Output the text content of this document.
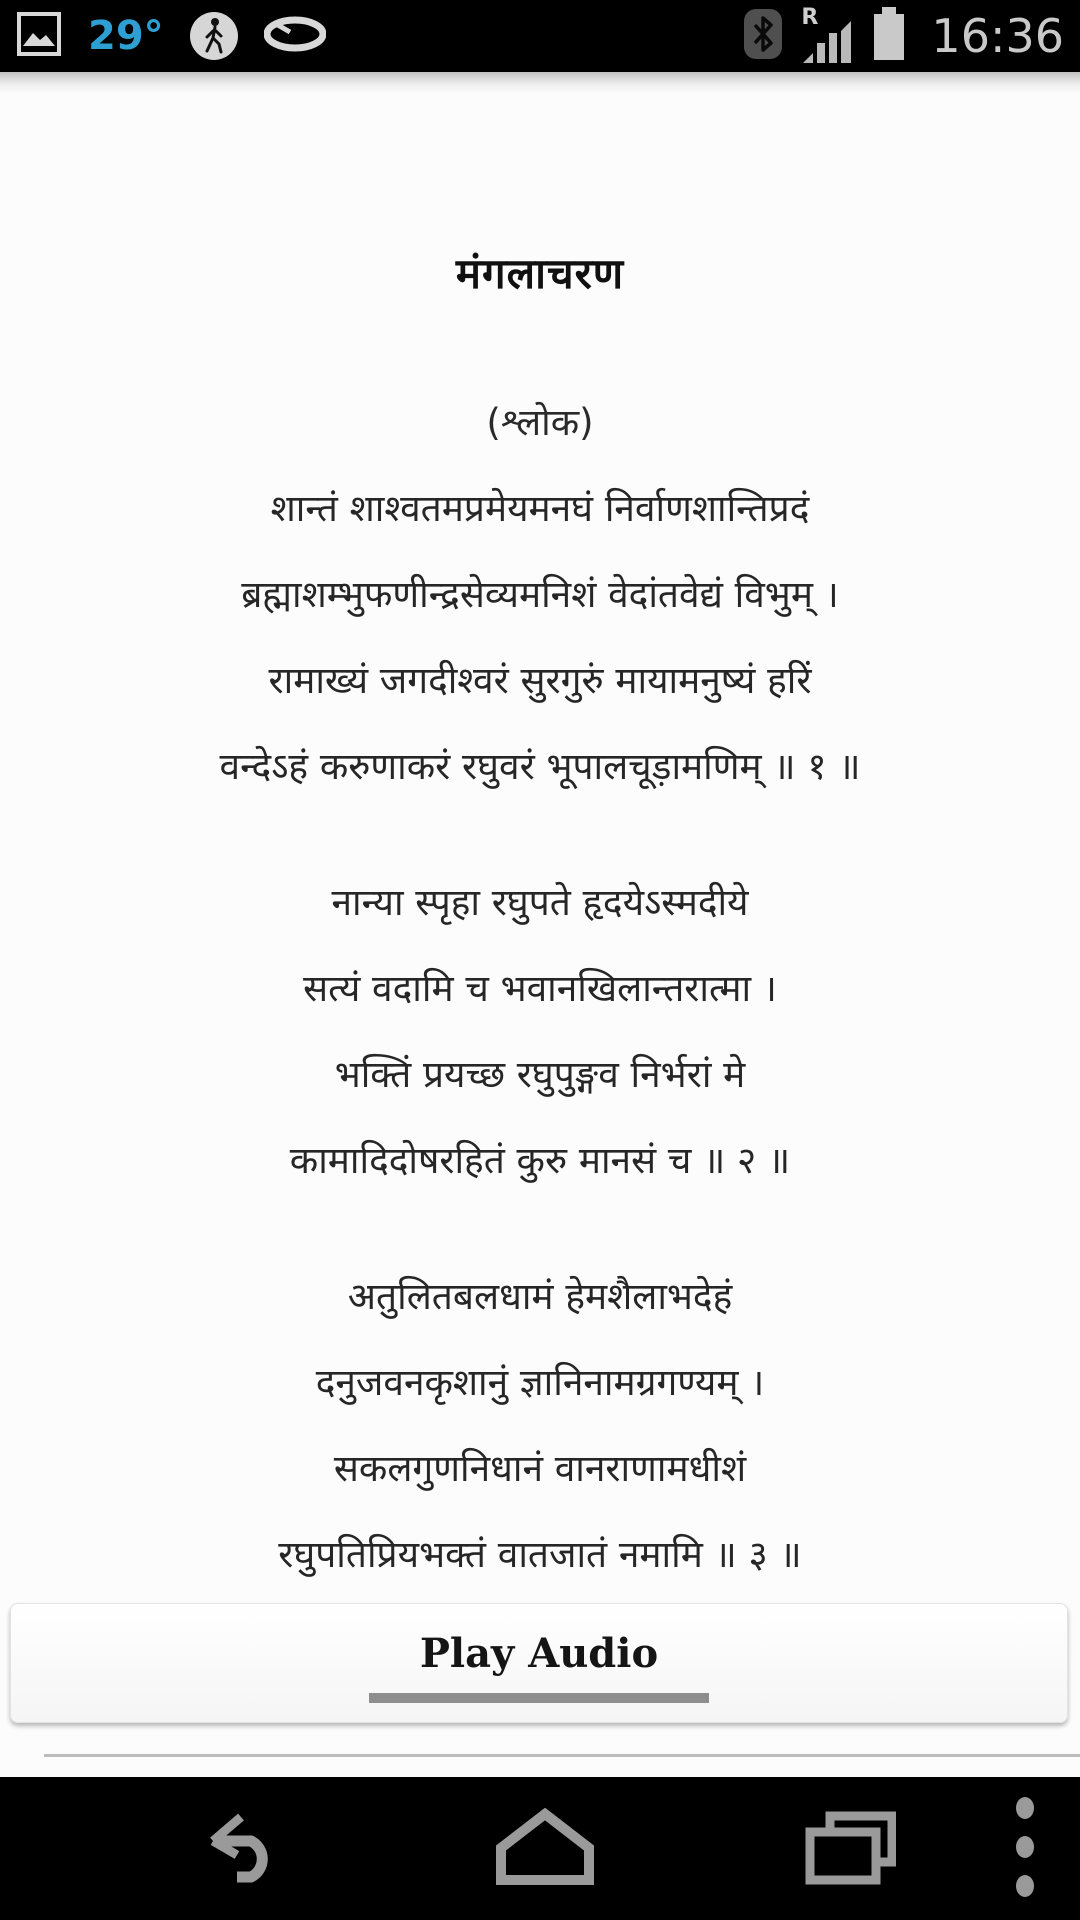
29°	R 16:36
मंगलाचरण
(श्लोक)
शान्तं शाश्वतमप्रमेयमनघं निर्वाणशान्तिप्रदं
ब्रह्माशम्भुफणीन्द्रसेव्यमनिशं वेदांतवेद्यं विभुम् ।
रामाख्यं जगदीश्वरं सुरगुरुं मायामनुष्यं हरिं
वन्देऽहं करुणाकरं रघुवरं भूपालचूड़ामणिम् ॥ १ ॥
नान्या स्पृहा रघुपते हृदयेऽस्मदीये
सत्यं वदामि च भवानखिलान्तरात्मा ।
भक्तिं प्रयच्छ रघुपुङ्गव निर्भरां मे
कामादिदोषरहितं कुरु मानसं च ॥ २ ॥
अतुलितबलधामं हेमशैलाभदेहं
दनुजवनकृशानुं ज्ञानिनामग्रगण्यम् ।
सकलगुणनिधानं वानराणामधीशं
रघुपतिप्रियभक्तं वातजातं नमामि ॥ ३ ॥
Play Audio
